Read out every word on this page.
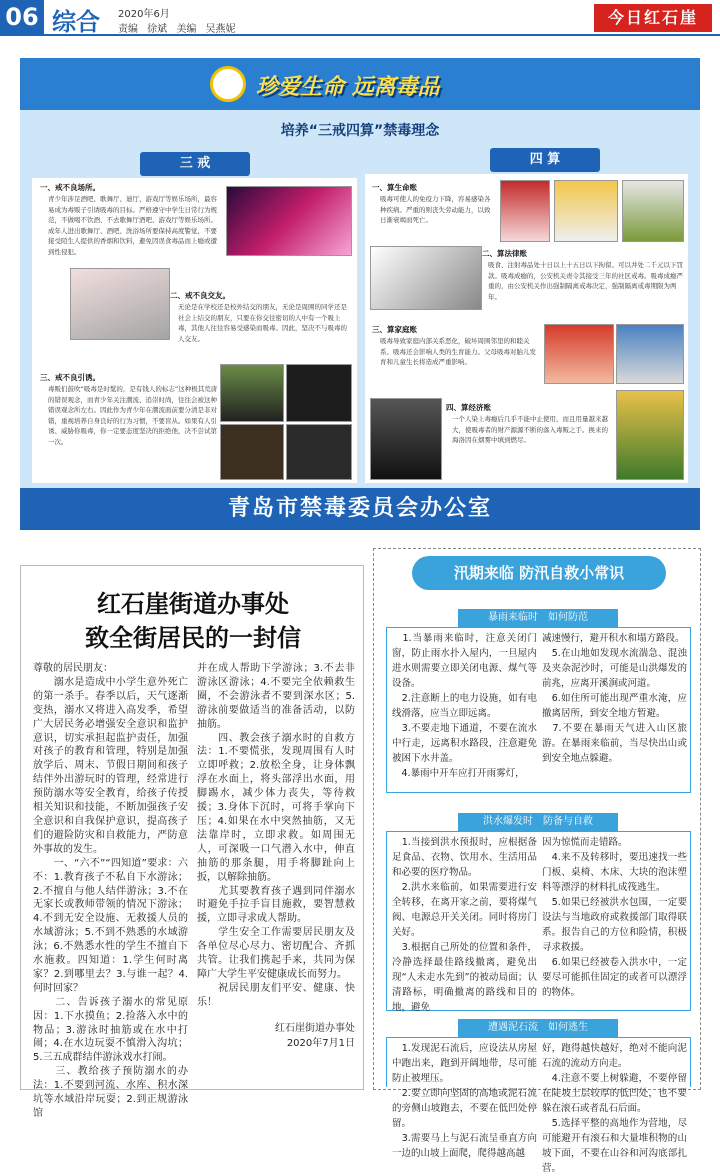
06 综合 2020年6月
责编 徐斌 美编 吴燕妮
今日红石崖
珍爱生命 远离毒品
培养“三戒四算”禁毒理念
三 戒	四 算
一、戒不良场所。
青少年涉足酒吧、歌舞厅、迪厅、游戏厅等娱乐场所，最容易成为毒贩子引诱吸毒的目标。严格遵守中学生日常行为规范，不做喝不饮酒、不去歌舞厅酒吧、游戏厅等娱乐场所。成年人进出歌舞厅、酒吧、洗浴场所要保持高度警觉，不要接受陌生人提供的香烟和饮料，避免因误食毒品而上瘾或遭到性侵犯。
二、戒不良交友。
无论是在学校还是校外结交的朋友，无论是周围的同学还是社会上结交的朋友，只要在你交往密切的人中有一个吸上毒，其他人往往容易受感染而吸毒。因此，坚决不与吸毒的人交友。
三、戒不良引诱。
毒贩们鼓吹“吸毒是时髦的，是有钱人的标志”这种极其荒唐的错误观念，而青少年关注潮流、追崇时尚，往往会被这种错误观念所左右。因此作为青少年在潮流面前要分清是非对错，重视培养自身良好的行为习惯，不要盲从。如果有人引诱、威胁你吸毒，你一定要态度坚决的拒绝他，决不尝试第一次。
一、算生命账
吸毒可使人的免疫力下降，容易感染各种疾病。严重的则丧失劳动能力，以致日渐衰竭而死亡。
二、算法律账
吸食、注射毒品处十日以上十五日以下拘留。可以并处二千元以下罚款。吸毒成瘾的，公安机关责令其接受三年的社区戒毒。吸毒成瘾严重的，由公安机关作出强制隔离戒毒决定，强制隔离戒毒期限为两年。
三、算家庭账
吸毒导致家庭内部关系恶化，破坏周围邻里的和睦关系。吸毒还会影响人类的生育能力。父母吸毒对胎儿发育和儿童生长将造成严重影响。
四、算经济账
一个人染上毒瘾后几乎不能中止使用，而且用量越来越大，使吸毒者的财产源源不断的落入毒贩之手。换来的海洛因在烟雾中填到燃尽。
青岛市禁毒委员会办公室
红石崖街道办事处
致全街居民的一封信
尊敬的居民朋友：
　　溺水是造成中小学生意外死亡的第一杀手。春季以后，天气逐渐变热，溺水又将进入高发季，希望广大居民务必增强安全意识和监护意识，切实承担起监护责任，加强对孩子的教育和管理，特别是加强放学后、周末、节假日期间和孩子结伴外出游玩时的管理，经常进行预防溺水等安全教育，给孩子传授相关知识和技能，不断加强孩子安全意识和自我保护意识，提高孩子们的避险防灾和自救能力，严防意外事故的发生。
　　一、“六不”“四知道”要求：六不：1.教育孩子不私自下水游泳；2.不擅自与他人结伴游泳；3.不在无家长或教师带领的情况下游泳；4.不到无安全设施、无救援人员的水域游泳；5.不到不熟悉的水域游泳；6.不熟悉水性的学生不擅自下水施救。四知道：1.学生何时离家？2.到哪里去？3.与谁一起？4.何时回家？
　　二、告诉孩子溺水的常见原因：1.下水摸鱼；2.捡落入水中的物品；3.游泳时抽筋或在水中打闹；4.在水边玩耍不慎滑入沟坑；5.三五成群结伴游泳戏水打闹。
　　三、教给孩子预防溺水的办法：1.不要到河流、水库、积水深坑等水域沿岸玩耍；2.到正规游泳馆
并在成人帮助下学游泳；3.不去非游泳区游泳；4.不要完全依赖救生圈，不会游泳者不要到深水区；5.游泳前要做适当的准备活动，以防抽筋。
　　四、教会孩子溺水时的自救方法：1.不要慌张，发现周围有人时立即呼救；2.放松全身，让身体飘浮在水面上，将头部浮出水面，用脚踢水，减少体力丧失，等待救援；3.身体下沉时，可将手掌向下压；4.如果在水中突然抽筋，又无法靠岸时，立即求救。如周围无人，可深吸一口气潜入水中，伸直抽筋的那条腿，用手将脚趾向上扳，以解除抽筋。
　　尤其要教育孩子遇到同伴溺水时避免手拉手盲目施救，要智慧救援，立即寻求成人帮助。
　　学生安全工作需要居民朋友及各单位尽心尽力、密切配合、齐抓共管。让我们携起手来，共同为保障广大学生平安健康成长而努力。
　　祝居民朋友们平安、健康、快乐！
红石崖街道办事处
2020年7月1日
汛期来临 防汛自救小常识
暴雨来临时　如何防范
　1.当暴雨来临时，注意关闭门窗，防止雨水扑入屋内，一旦屋内进水则需要立即关闭电源、煤气等设备。
　2.注意断上的电力设施，如有电线滑落，应当立即远离。
　3.不要走地下通道，不要在流水中行走，远离积水路段，注意避免被困下水井盖。
　4.暴雨中开车应打开雨雾灯，
减速慢行，避开积水和塌方路段。
　5.在山地如发现水流湍急、混浊及夹杂泥沙时，可能是山洪爆发的前兆，应离开溪涧或河道。
　6.如住所可能出现严重水淹，应撤离居所，到安全地方暂避。
　7.不要在暴雨天气进入山区旅游。在暴雨来临前，当尽快出山或到安全地点躲避。
洪水爆发时　防备与自救
　1.当接到洪水预报时，应根据备足食品、衣物、饮用水、生活用品和必要的医疗物品。
　2.洪水来临前，如果需要进行安全转移，在离开家之前，要将煤气阀、电源总开关关闭。同时将房门关好。
　3.根据自己所处的位置和条件，冷静选择最佳路线撤离，避免出现“人未走水先到”的被动局面；认清路标，明确撤离的路线和目的地，避免
因为惊慌而走错路。
　4.来不及转移时，要迅速找一些门板、桌椅、木床、大块的泡沫塑料等漂浮的材料扎成筏逃生。
　5.如果已经被洪水包围，一定要设法与当地政府或救援部门取得联系。报告自己的方位和险情，积极寻求救援。
　6.如果已经被卷入洪水中，一定要尽可能抓住固定的或者可以漂浮的物体。
遭遇泥石流　如何逃生
　1.发现泥石流后，应设法从房屋中跑出来，跑到开阔地带，尽可能防止被埋压。
　2.要立即向坚固的高地或泥石流的旁侧山坡跑去，不要在低凹处停留。
　3.需要马上与泥石流呈垂直方向一边的山坡上面爬，爬得越高越
好，跑得越快越好，绝对不能向泥石流的流动方向走。
　4.注意不要上树躲避，不要停留在陡坡土层较厚的低凹处，也不要躲在滚石或者乱石后面。
　5.选择平整的高地作为营地，尽可能避开有滚石和大量堆积物的山坡下面，不要在山谷和河沟底部扎营。
